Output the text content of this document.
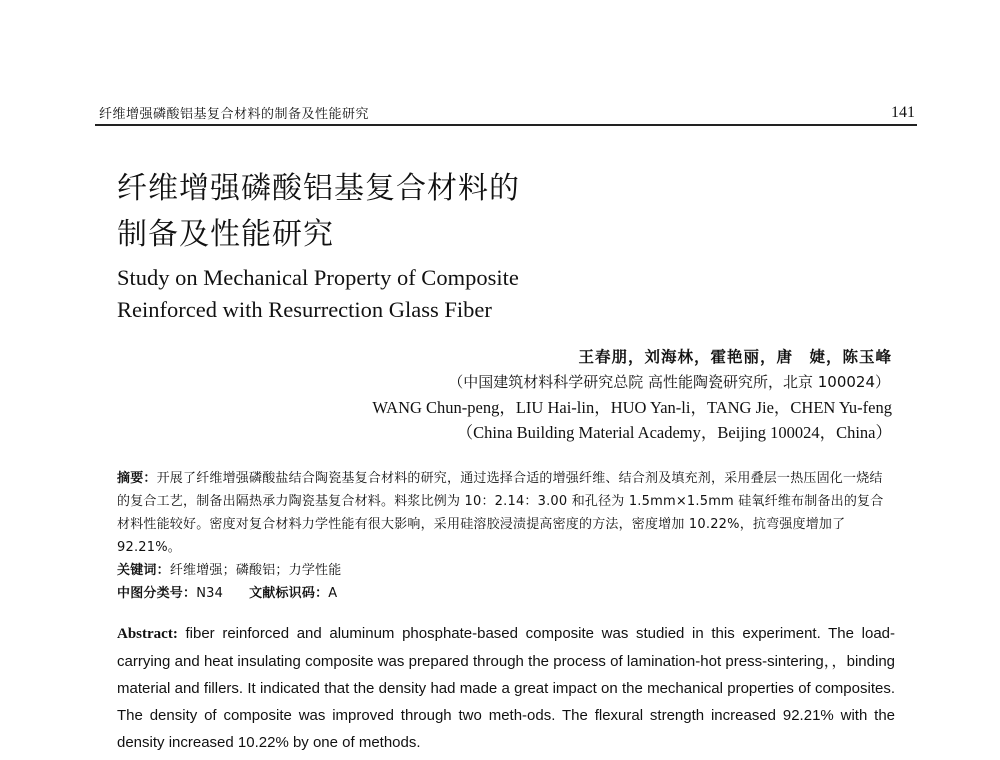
纤维增强磷酸铝基复合材料的制备及性能研究	141
纤维增强磷酸铝基复合材料的
制备及性能研究
Study on Mechanical Property of Composite
Reinforced with Resurrection Glass Fiber
王春朋，刘海林，霍艳丽，唐　婕，陈玉峰
（中国建筑材料科学研究总院 高性能陶瓷研究所，北京 100024）
WANG Chun-peng，LIU Hai-lin，HUO Yan-li，TANG Jie，CHEN Yu-feng
（China Building Material Academy，Beijing 100024，China）

摘要：开展了纤维增强磷酸盐结合陶瓷基复合材料的研究，通过选择合适的增强纤维、结合剂及填充剂，采用叠层一热压固化一烧结的复合工艺，制备出隔热承力陶瓷基复合材料。料浆比例为 10：2.14：3.00 和孔径为 1.5mm×1.5mm 硅氧纤维布制备出的复合材料性能较好。密度对复合材料力学性能有很大影响，采用硅溶胶浸渍提高密度的方法，密度增加 10.22%，抗弯强度增加了 92.21%。

关键词：纤维增强；磷酸铝；力学性能

中图分类号：N34 文献标识码：A

Abstract: fiber reinforced and aluminum phosphate-based composite was studied in this experiment. The load-carrying and heat insulating composite was prepared through the process of lamination-hot press-sintering，，binding material and fillers. It indicated that the density had made a great impact on the mechanical properties of composites. The density of composite was improved through two meth-ods. The flexural strength increased 92.21% with the density increased 10.22% by one of methods.
